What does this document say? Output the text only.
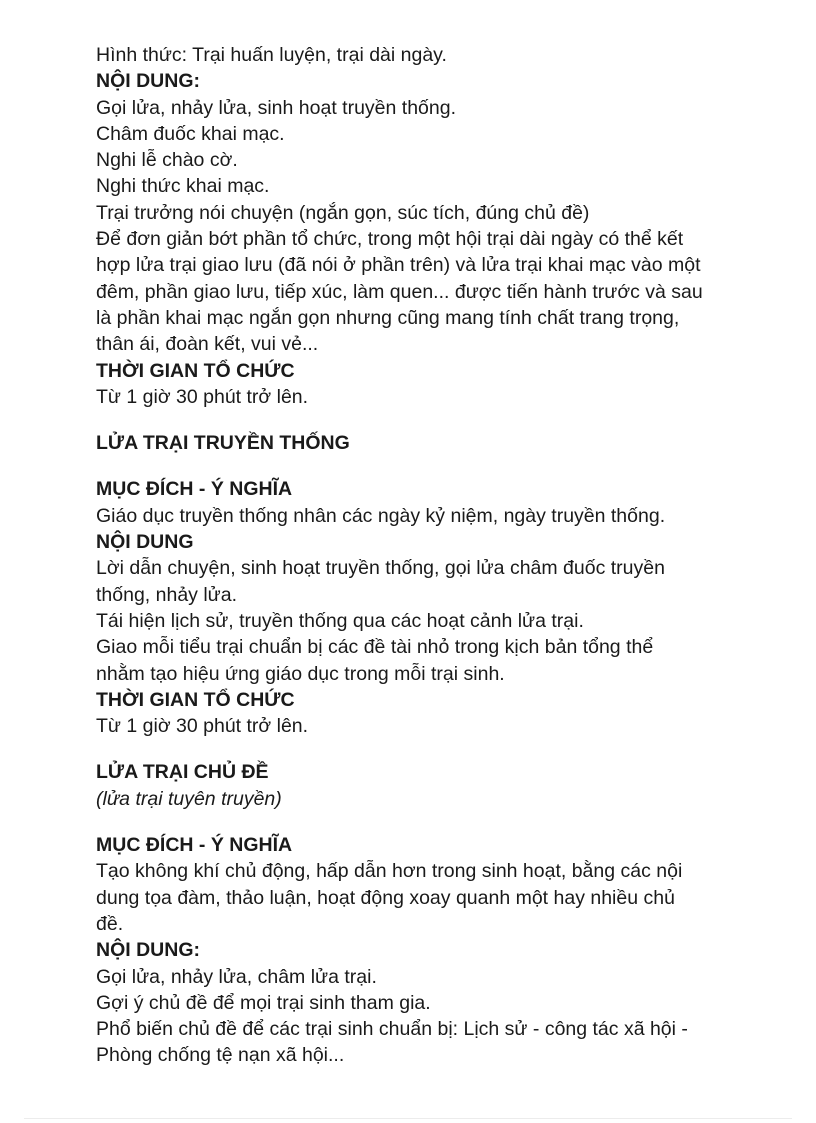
Hình thức: Trại huấn luyện, trại dài ngày.
NỘI DUNG:
Gọi lửa, nhảy lửa, sinh hoạt truyền thống.
Châm đuốc khai mạc.
Nghi lễ chào cờ.
Nghi thức khai mạc.
Trại trưởng nói chuyện (ngắn gọn, súc tích, đúng chủ đề)
Để đơn giản bớt phần tổ chức, trong một hội trại dài ngày có thể kết
hợp lửa trại giao lưu (đã nói ở phần trên) và lửa trại khai mạc vào một
đêm, phần giao lưu, tiếp xúc, làm quen... được tiến hành trước và sau
là phần khai mạc ngắn gọn nhưng cũng mang tính chất trang trọng,
thân ái, đoàn kết, vui vẻ...
THỜI GIAN TỔ CHỨC
Từ 1 giờ 30 phút trở lên.
LỬA TRẠI TRUYỀN THỐNG
MỤC ĐÍCH - Ý NGHĨA
Giáo dục truyền thống nhân các ngày kỷ niệm, ngày truyền thống.
NỘI DUNG
Lời dẫn chuyện, sinh hoạt truyền thống, gọi lửa châm đuốc truyền
thống, nhảy lửa.
Tái hiện lịch sử, truyền thống qua các hoạt cảnh lửa trại.
Giao mỗi tiểu trại chuẩn bị các đề tài nhỏ trong kịch bản tổng thể
nhằm tạo hiệu ứng giáo dục trong mỗi trại sinh.
THỜI GIAN TỔ CHỨC
Từ 1 giờ 30 phút trở lên.
LỬA TRẠI CHỦ ĐỀ
(lửa trại tuyên truyền)
MỤC ĐÍCH - Ý NGHĨA
Tạo không khí chủ động, hấp dẫn hơn trong sinh hoạt, bằng các nội
dung tọa đàm, thảo luận, hoạt động xoay quanh một hay nhiều chủ
đề.
NỘI DUNG:
Gọi lửa, nhảy lửa, châm lửa trại.
Gợi ý chủ đề để mọi trại sinh tham gia.
Phổ biến chủ đề để các trại sinh chuẩn bị: Lịch sử - công tác xã hội -
Phòng chống tệ nạn xã hội...
